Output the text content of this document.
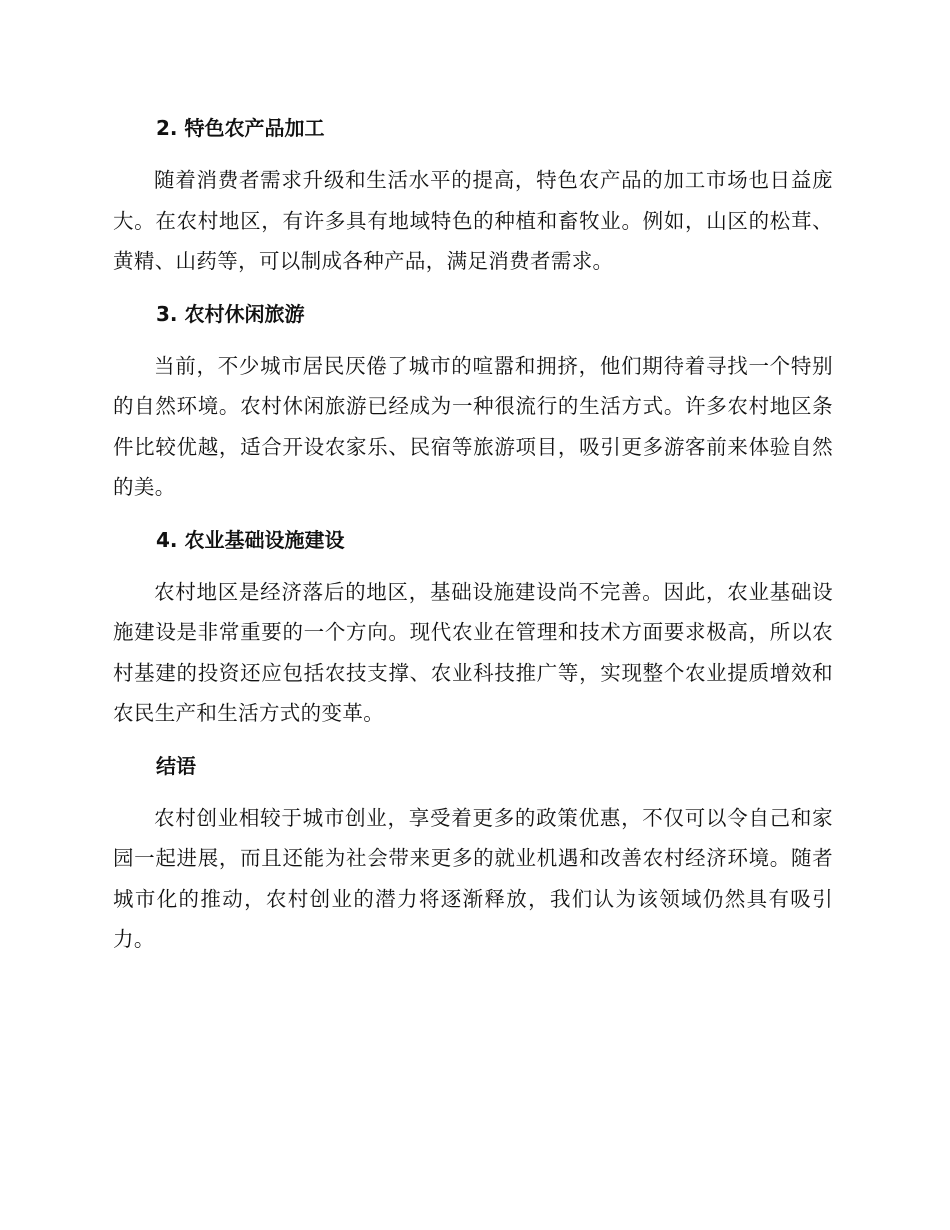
2. 特色农产品加工

随着消费者需求升级和生活水平的提高，特色农产品的加工市场也日益庞大。在农村地区，有许多具有地域特色的种植和畜牧业。例如，山区的松茸、黄精、山药等，可以制成各种产品，满足消费者需求。

3. 农村休闲旅游

当前，不少城市居民厌倦了城市的喧嚣和拥挤，他们期待着寻找一个特别的自然环境。农村休闲旅游已经成为一种很流行的生活方式。许多农村地区条件比较优越，适合开设农家乐、民宿等旅游项目，吸引更多游客前来体验自然的美。

4. 农业基础设施建设

农村地区是经济落后的地区，基础设施建设尚不完善。因此，农业基础设施建设是非常重要的一个方向。现代农业在管理和技术方面要求极高，所以农村基建的投资还应包括农技支撑、农业科技推广等，实现整个农业提质增效和农民生产和生活方式的变革。

结语

农村创业相较于城市创业，享受着更多的政策优惠，不仅可以令自己和家园一起进展，而且还能为社会带来更多的就业机遇和改善农村经济环境。随者城市化的推动，农村创业的潜力将逐渐释放，我们认为该领域仍然具有吸引力。
